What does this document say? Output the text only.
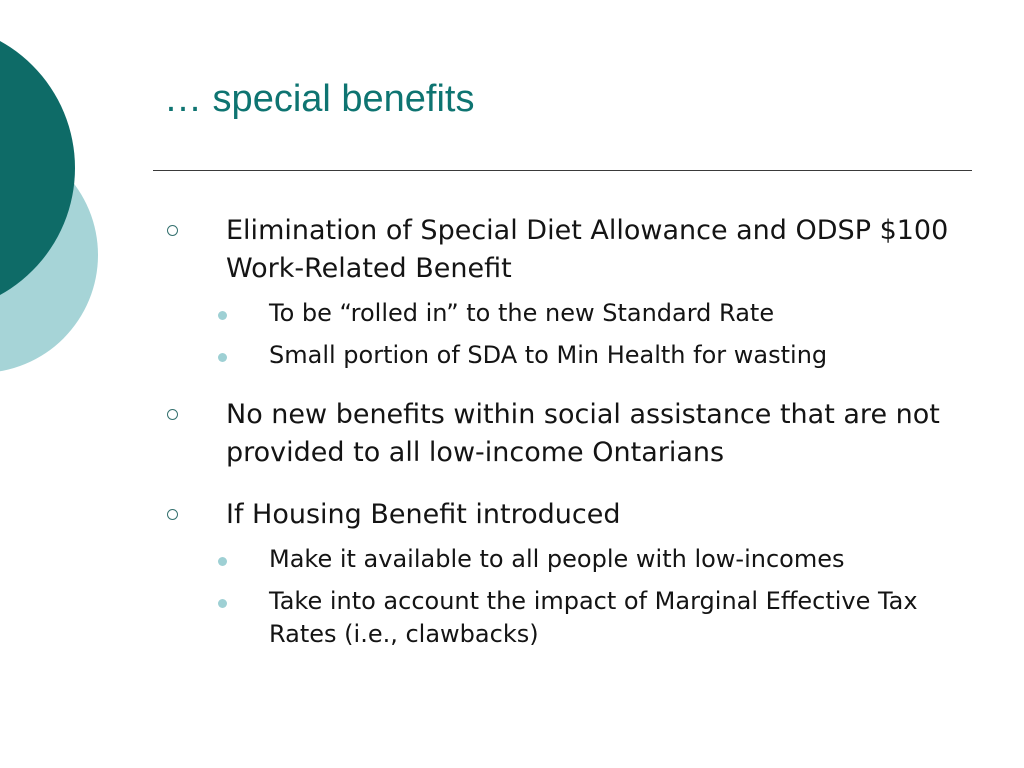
… special benefits
Elimination of Special Diet Allowance and ODSP $100 Work-Related Benefit
To be “rolled in” to the new Standard Rate
Small portion of SDA to Min Health for wasting
No new benefits within social assistance that are not provided to all low-income Ontarians
If Housing Benefit introduced
Make it available to all people with low-incomes
Take into account the impact of Marginal Effective Tax Rates (i.e., clawbacks)
